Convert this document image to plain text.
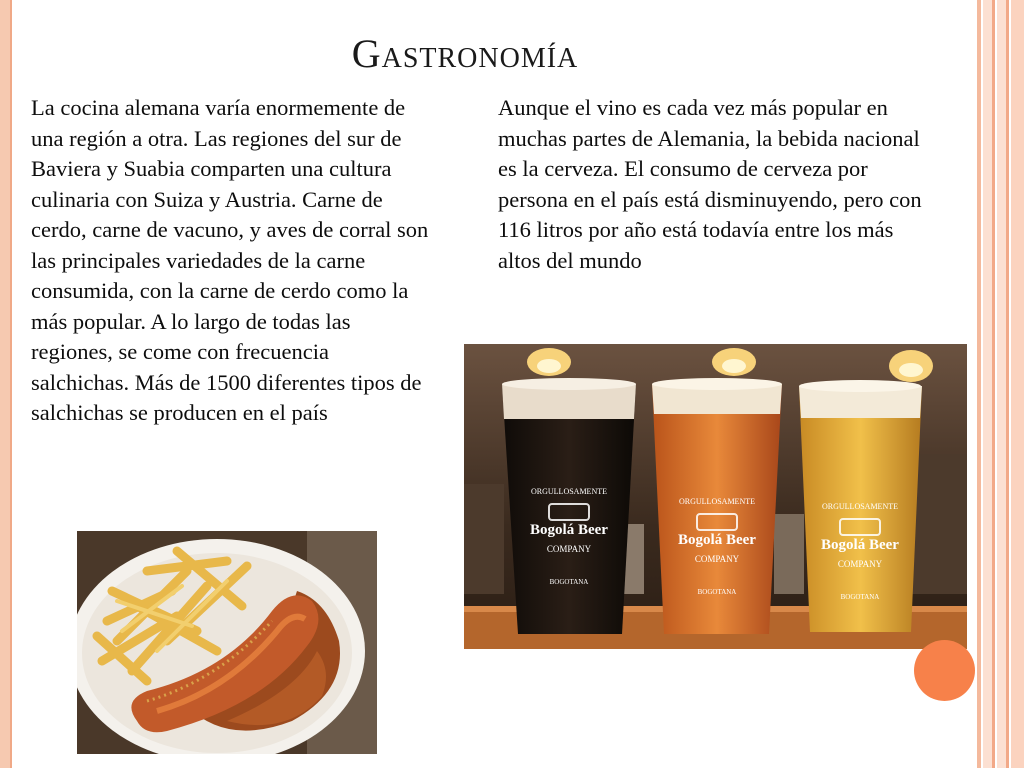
Gastronomía

La cocina alemana varía enormemente de una región a otra. Las regiones del sur de Baviera y Suabia comparten una cultura culinaria con Suiza y Austria. Carne de cerdo, carne de vacuno, y aves de corral son las principales variedades de la carne consumida, con la carne de cerdo como la más popular. A lo largo de todas las regiones, se come con frecuencia salchichas. Más de 1500 diferentes tipos de salchichas se producen en el país

Aunque el vino es cada vez más popular en muchas partes de Alemania, la bebida nacional es la cerveza. El consumo de cerveza por persona en el país está disminuyendo, pero con 116 litros por año está todavía entre los más altos del mundo

Bogolá Beer
Bogolá Beer	Bogolá Beer
ORGULLOSAMENTE
ORGULLOSAMENTE
ORGULLOSAMENTE
COMPANY
COMPANY	COMPANY
BOGOTANA
BOGOTANA
BOGOTANA
